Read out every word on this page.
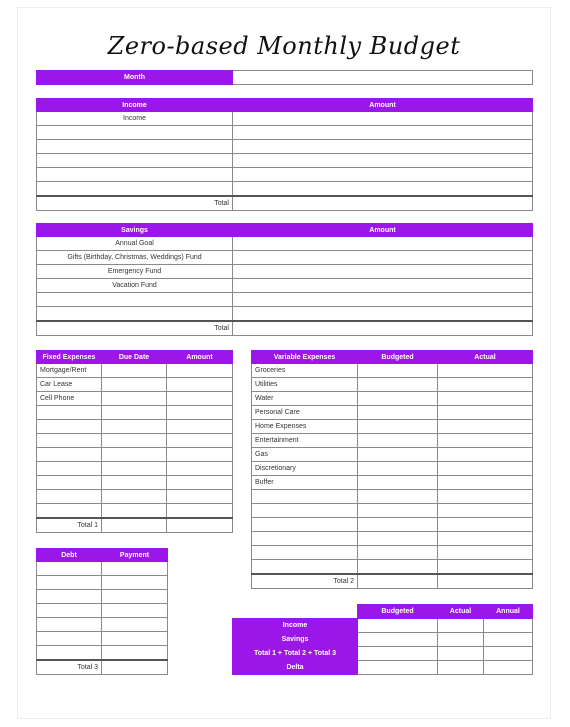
Zero-based Monthly Budget
Month	
Income	Amount
Income	

Total	
Savings	Amount
Annual Goal	
Gifts (Birthday, Christmas, Weddings) Fund	
Emergency Fund	
Vacation Fund	

Total	
Fixed Expenses	Due Date	Amount
Mortgage/Rent		
Car Lease		
Cell Phone		

Total 1		
Variable Expenses	Budgeted	Actual
Groceries		
Utilities		
Water		
Personal Care		
Home Expenses		
Entertainment		
Gas		
Discretionary		
Buffer		

Total 2		
Debt	Payment

Total 3	
	Budgeted	Actual	Annual
Income			
Savings			
Total 1 + Total 2 + Total 3			
Delta			
